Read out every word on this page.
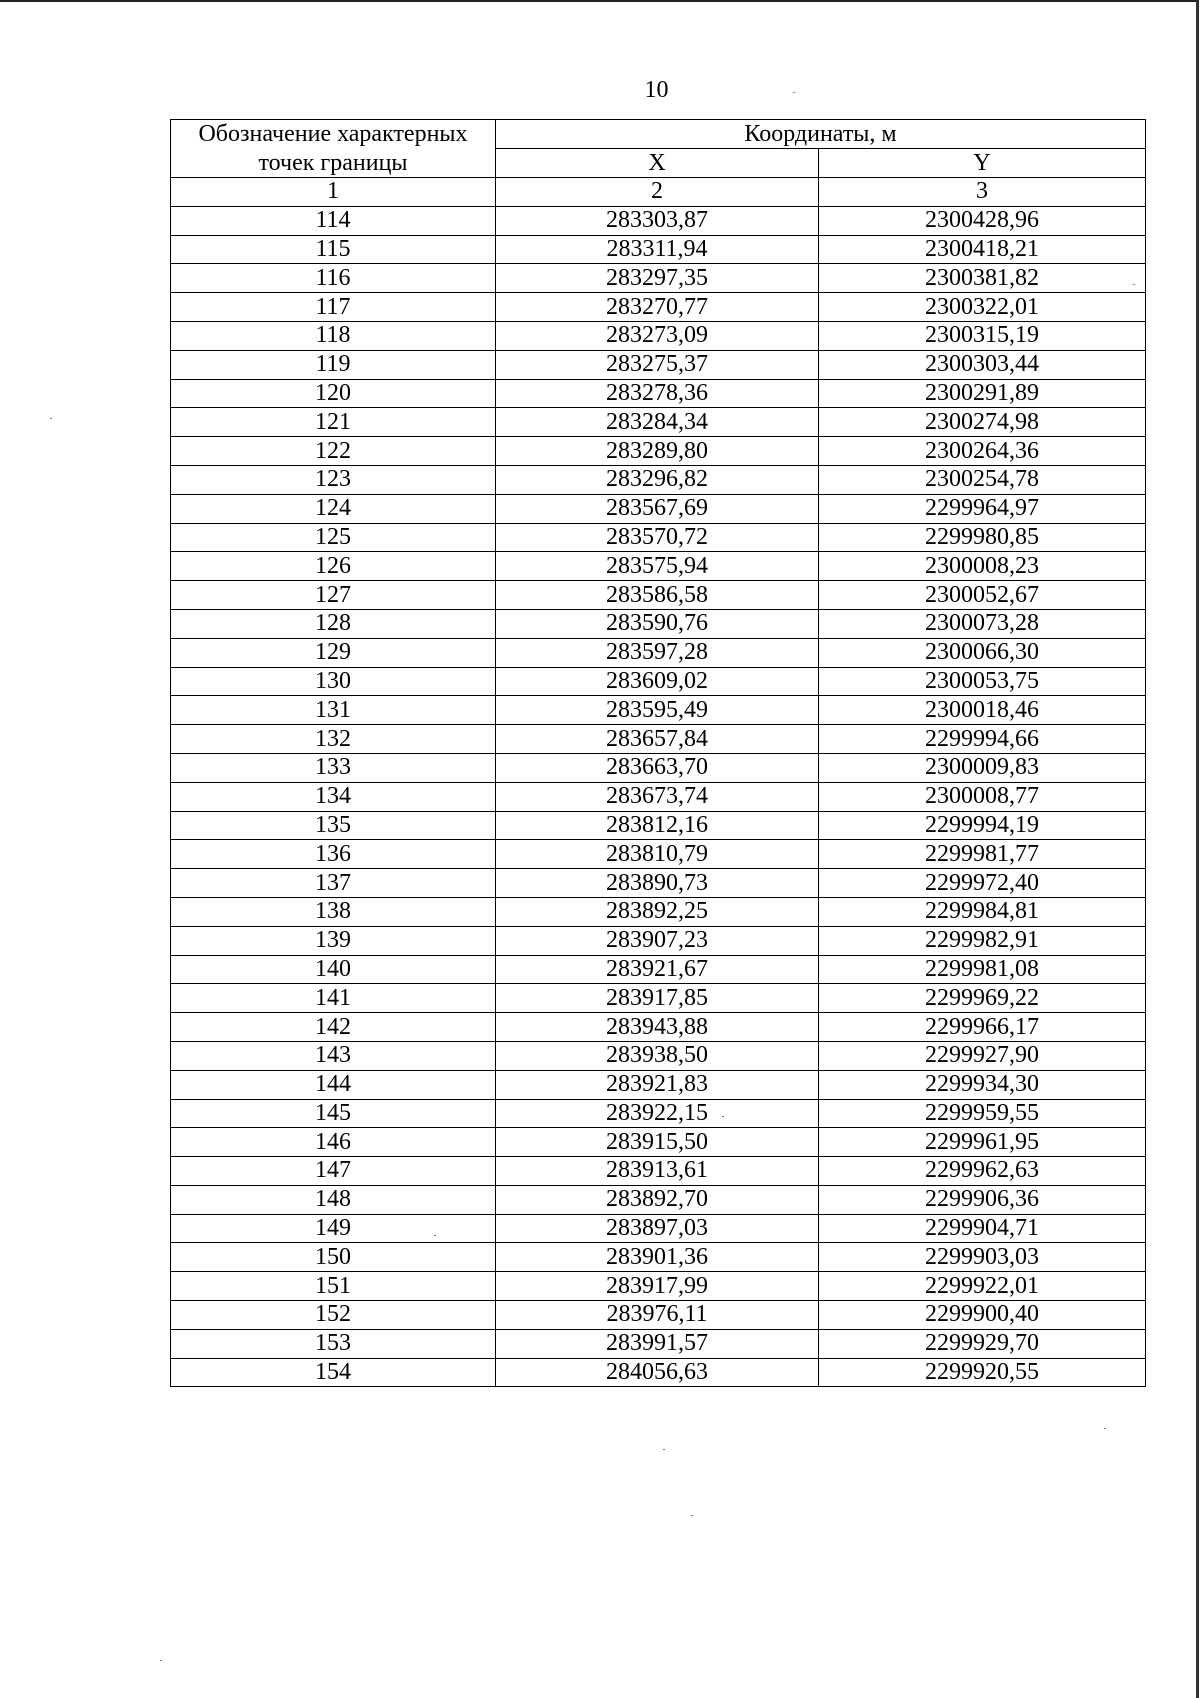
10
Обозначение характерных
точек границы	Координаты, м	
	X	Y
1	2	3
114	283303,87	2300428,96
115	283311,94	2300418,21
116	283297,35	2300381,82
117	283270,77	2300322,01
118	283273,09	2300315,19
119	283275,37	2300303,44
120	283278,36	2300291,89
121	283284,34	2300274,98
122	283289,80	2300264,36
123	283296,82	2300254,78
124	283567,69	2299964,97
125	283570,72	2299980,85
126	283575,94	2300008,23
127	283586,58	2300052,67
128	283590,76	2300073,28
129	283597,28	2300066,30
130	283609,02	2300053,75
131	283595,49	2300018,46
132	283657,84	2299994,66
133	283663,70	2300009,83
134	283673,74	2300008,77
135	283812,16	2299994,19
136	283810,79	2299981,77
137	283890,73	2299972,40
138	283892,25	2299984,81
139	283907,23	2299982,91
140	283921,67	2299981,08
141	283917,85	2299969,22
142	283943,88	2299966,17
143	283938,50	2299927,90
144	283921,83	2299934,30
145	283922,15	2299959,55
146	283915,50	2299961,95
147	283913,61	2299962,63
148	283892,70	2299906,36
149	283897,03	2299904,71
150	283901,36	2299903,03
151	283917,99	2299922,01
152	283976,11	2299900,40
153	283991,57	2299929,70
154	284056,63	2299920,55
